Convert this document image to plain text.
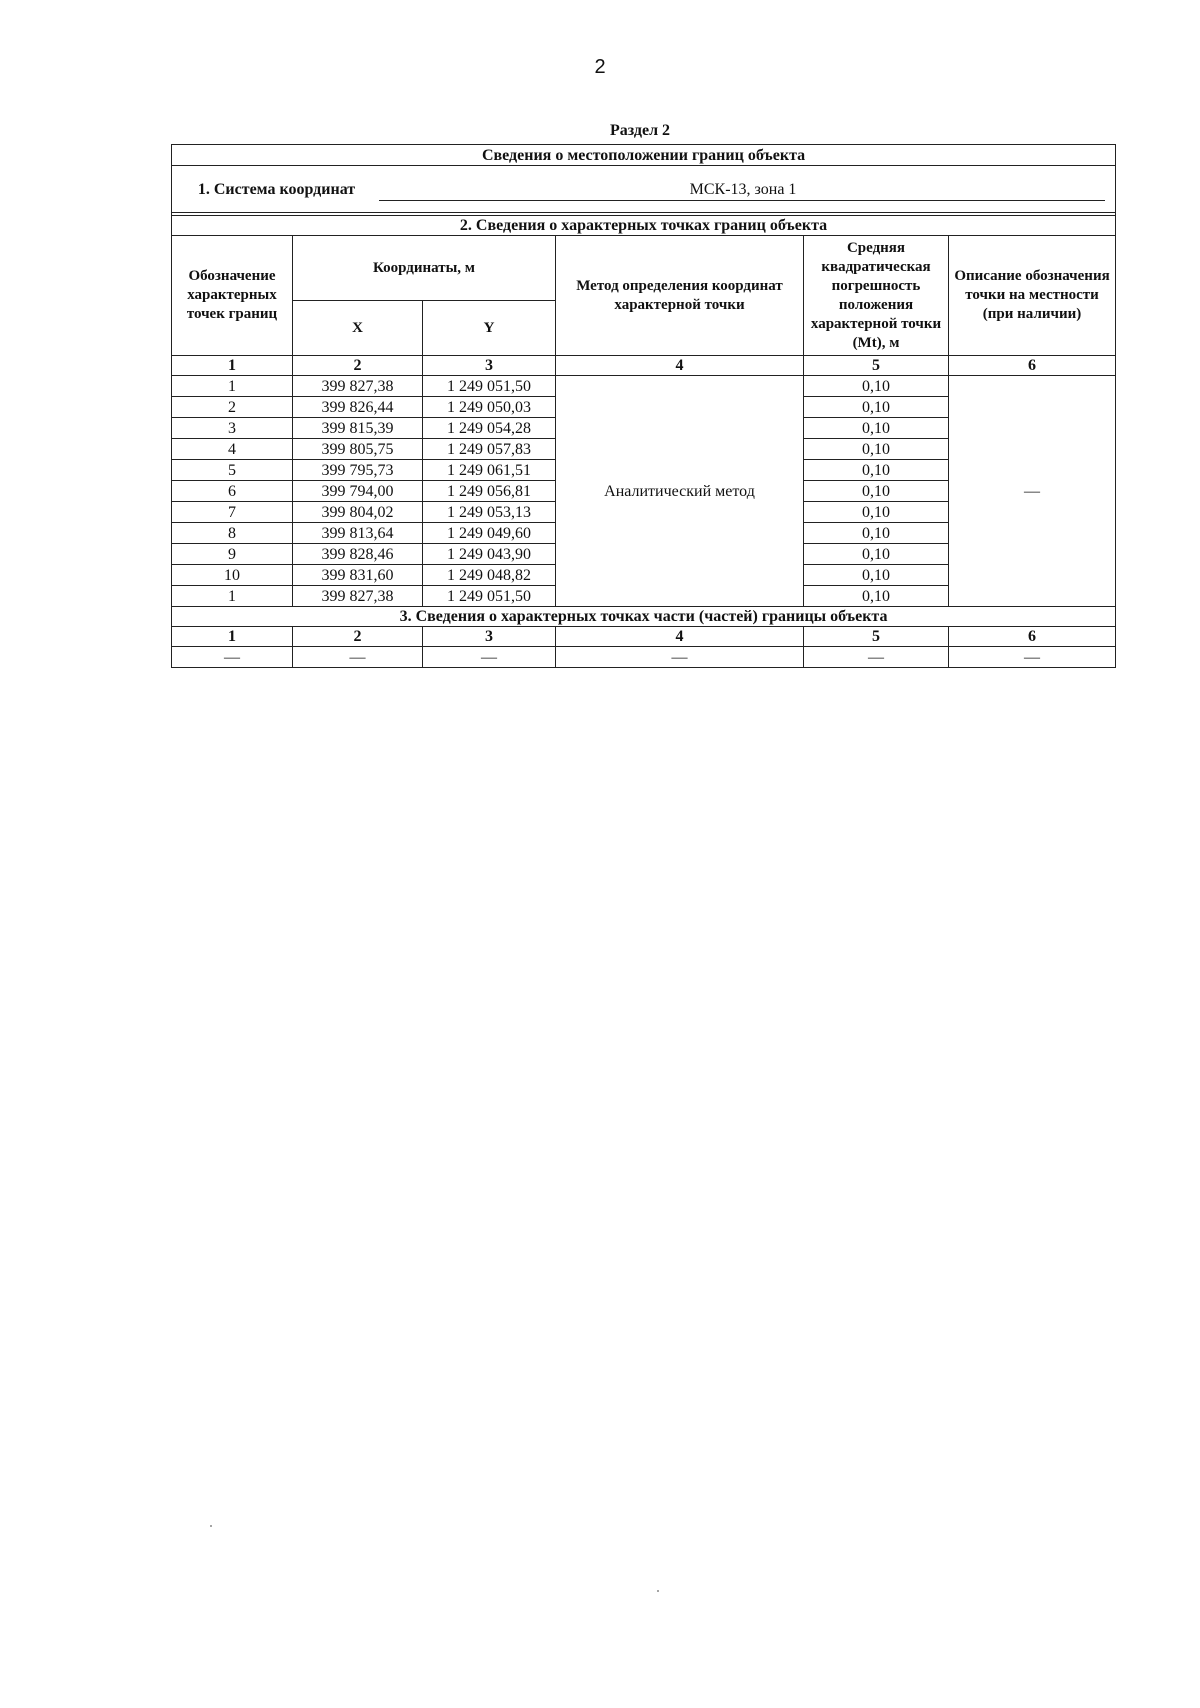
2
Раздел 2
Сведения о местоположении границ объекта					

1. Система координат МСК-13, зона 1					

2. Сведения о характерных точках границ объекта					
Обозначение характерных точек границ	Координаты, м		Метод определения координат характерной точки	Средняя квадратическая погрешность положения характерной точки (Mt), м	Описание обозначения точки на местности (при наличии)
	X	Y			
1	2	3	4	5	6
1	399 827,38	1 249 051,50	Аналитический метод	0,10	—
2	399 826,44	1 249 050,03		0,10	
3	399 815,39	1 249 054,28		0,10	
4	399 805,75	1 249 057,83		0,10	
5	399 795,73	1 249 061,51		0,10	
6	399 794,00	1 249 056,81		0,10	
7	399 804,02	1 249 053,13		0,10	
8	399 813,64	1 249 049,60		0,10	
9	399 828,46	1 249 043,90		0,10	
10	399 831,60	1 249 048,82		0,10	
1	399 827,38	1 249 051,50		0,10	
3. Сведения о характерных точках части (частей) границы объекта					
1	2	3	4	5	6
—	—	—	—	—	—
